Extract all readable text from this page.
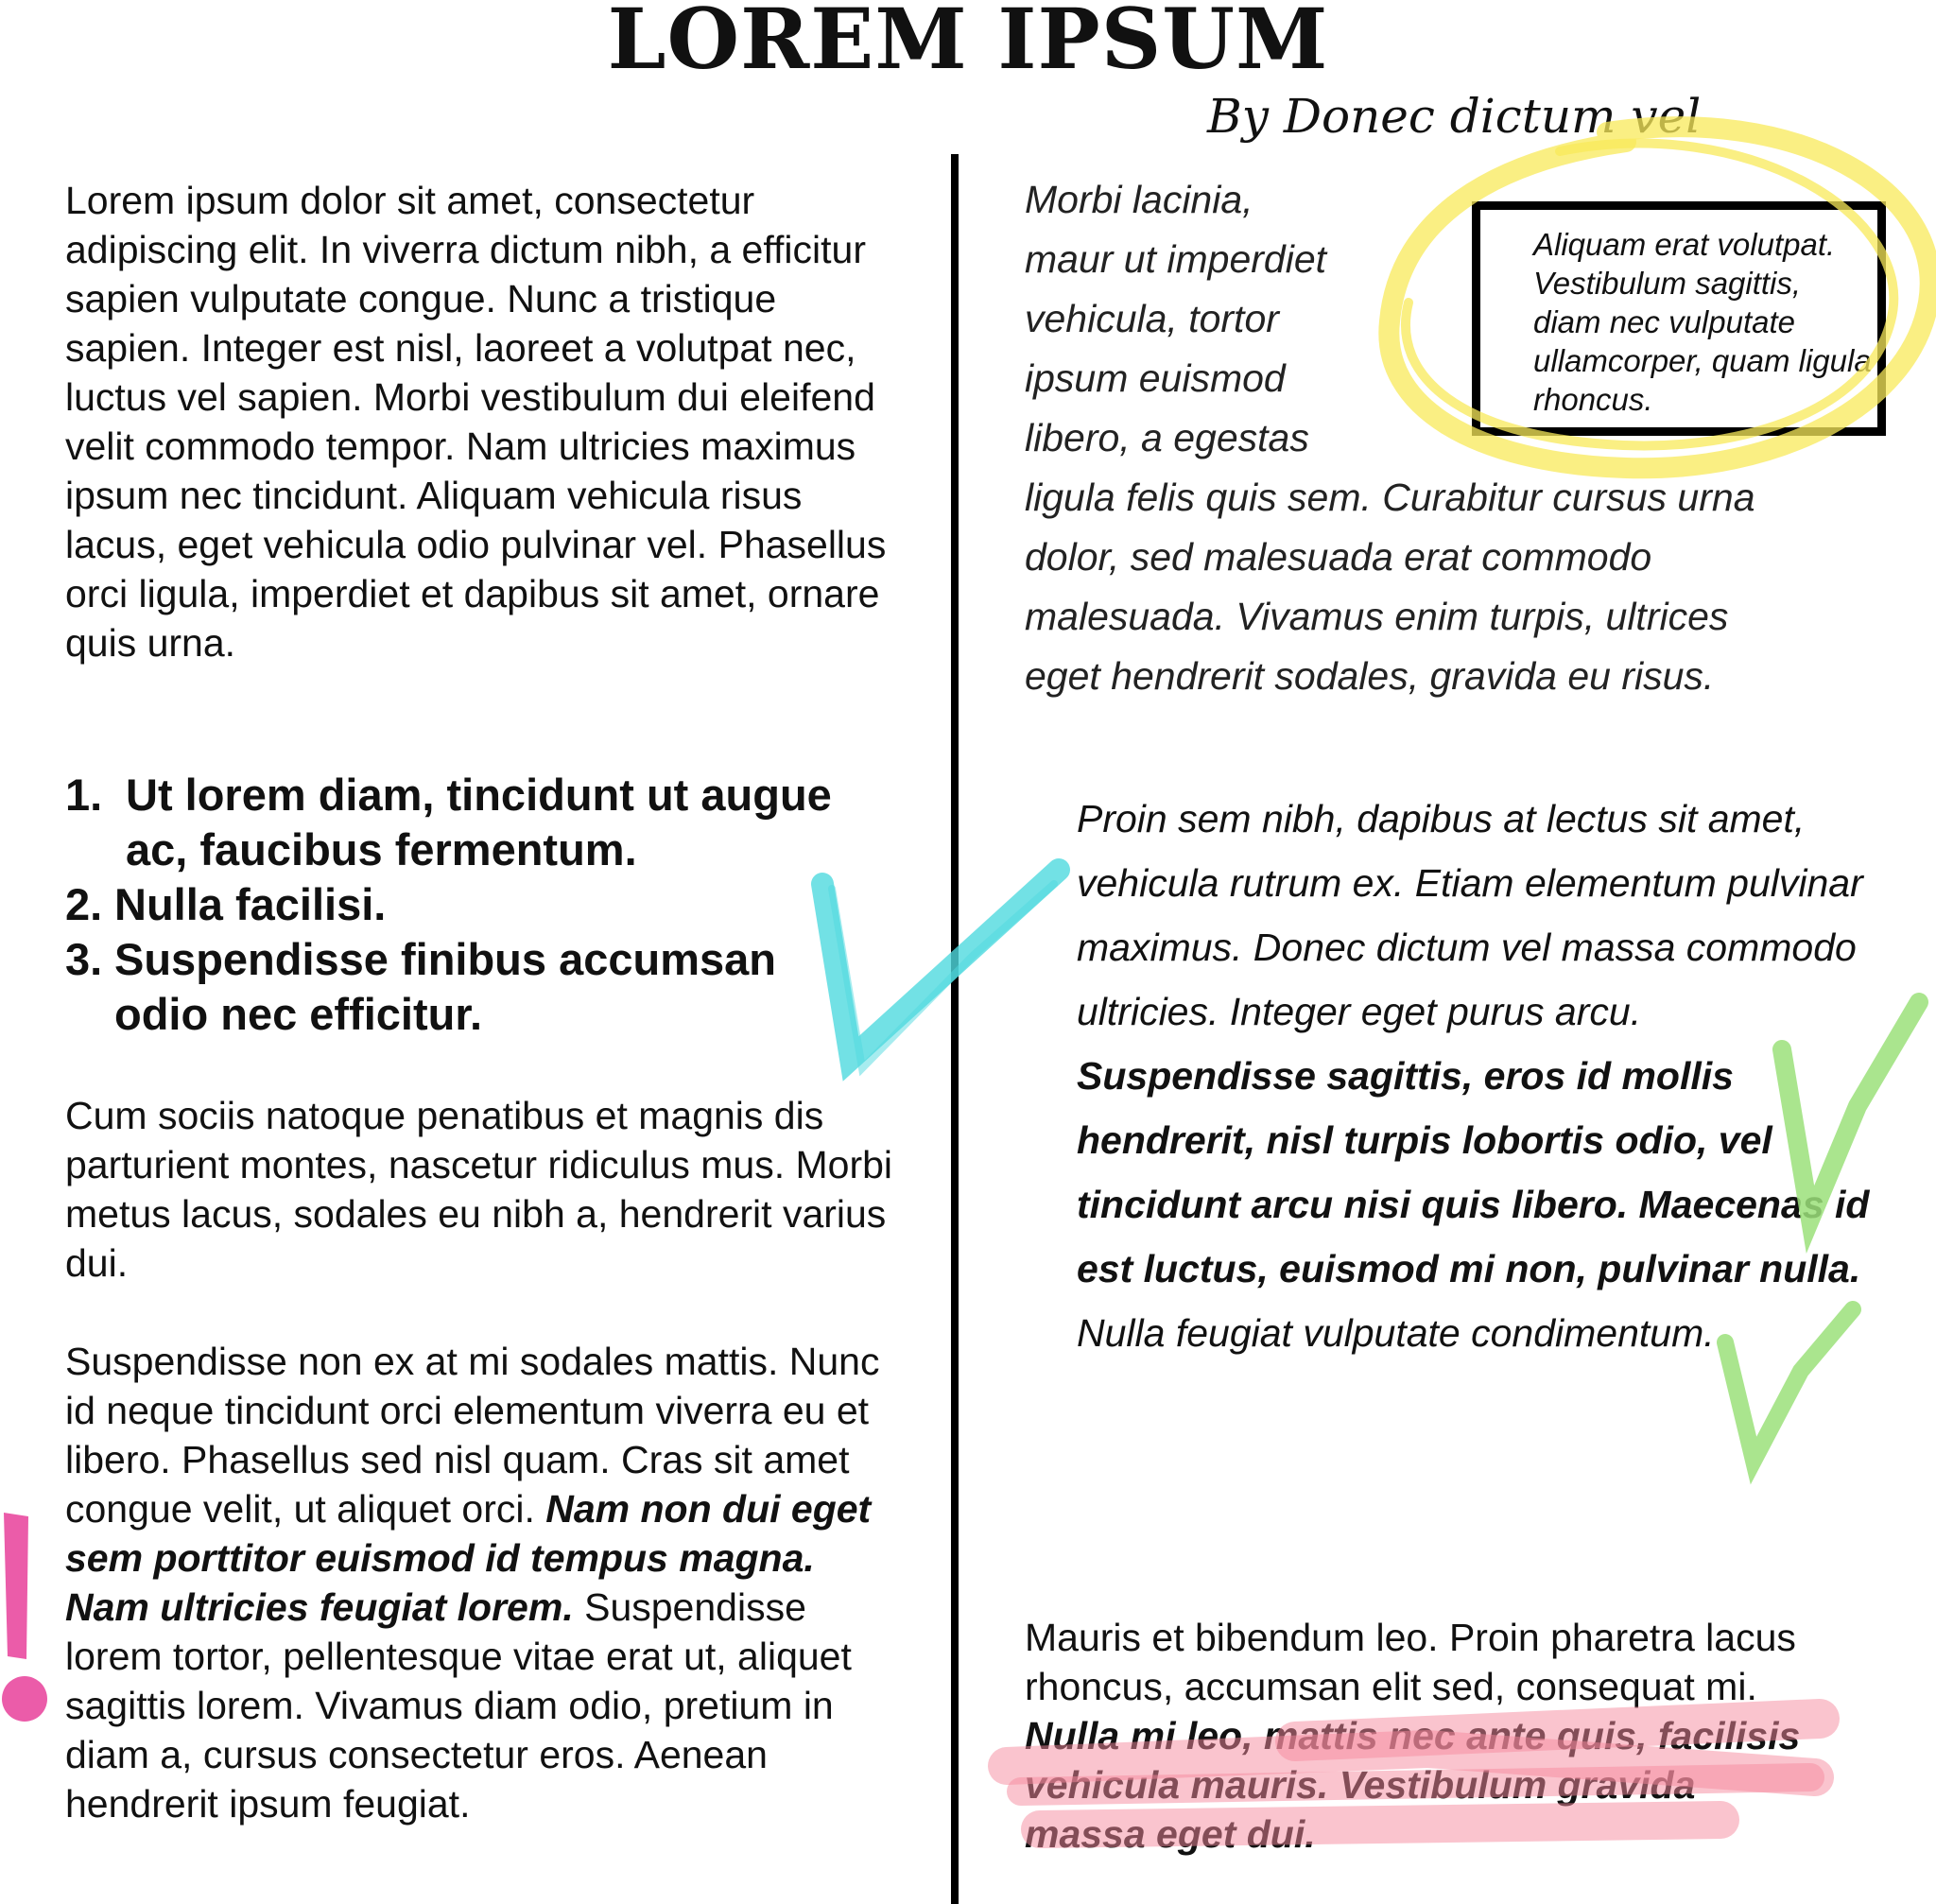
LOREM IPSUM
By Donec dictum vel
Lorem ipsum dolor sit amet, consectetur adipiscing elit. In viverra dictum nibh, a efficitur sapien vulputate congue. Nunc a tristique sapien. Integer est nisl, laoreet a volutpat nec, luctus vel sapien. Morbi vestibulum dui eleifend velit commodo tempor. Nam ultricies maximus ipsum nec tincidunt. Aliquam vehicula risus lacus, eget vehicula odio pulvinar vel. Phasellus orci ligula, imperdiet et dapibus sit amet, ornare quis urna.
1. Ut lorem diam, tincidunt ut augue ac, faucibus fermentum.
2. Nulla facilisi.
3. Suspendisse finibus accumsan odio nec efficitur.
Cum sociis natoque penatibus et magnis dis parturient montes, nascetur ridiculus mus. Morbi metus lacus, sodales eu nibh a, hendrerit varius dui.
Suspendisse non ex at mi sodales mattis. Nunc id neque tincidunt orci elementum viverra eu et libero. Phasellus sed nisl quam. Cras sit amet congue velit, ut aliquet orci. Nam non dui eget sem porttitor euismod id tempus magna. Nam ultricies feugiat lorem. Suspendisse lorem tortor, pellentesque vitae erat ut, aliquet sagittis lorem. Vivamus diam odio, pretium in diam a, cursus consectetur eros. Aenean hendrerit ipsum feugiat.
Morbi lacinia, maur ut imperdiet vehicula, tortor ipsum euismod libero, a egestas ligula felis quis sem. Curabitur cursus urna dolor, sed malesuada erat commodo malesuada. Vivamus enim turpis, ultrices eget hendrerit sodales, gravida eu risus.
Aliquam erat volutpat. Vestibulum sagittis, diam nec vulputate ullamcorper, quam ligula rhoncus.
Proin sem nibh, dapibus at lectus sit amet, vehicula rutrum ex. Etiam elementum pulvinar maximus. Donec dictum vel massa commodo ultricies. Integer eget purus arcu.
Suspendisse sagittis, eros id mollis hendrerit, nisl turpis lobortis odio, vel tincidunt arcu nisi quis libero. Maecenas id est luctus, euismod mi non, pulvinar nulla.
Nulla feugiat vulputate condimentum.
Mauris et bibendum leo. Proin pharetra lacus rhoncus, accumsan elit sed, consequat mi. Nulla mi leo, mattis nec ante quis, facilisis vehicula mauris. Vestibulum gravida massa eget dui.
